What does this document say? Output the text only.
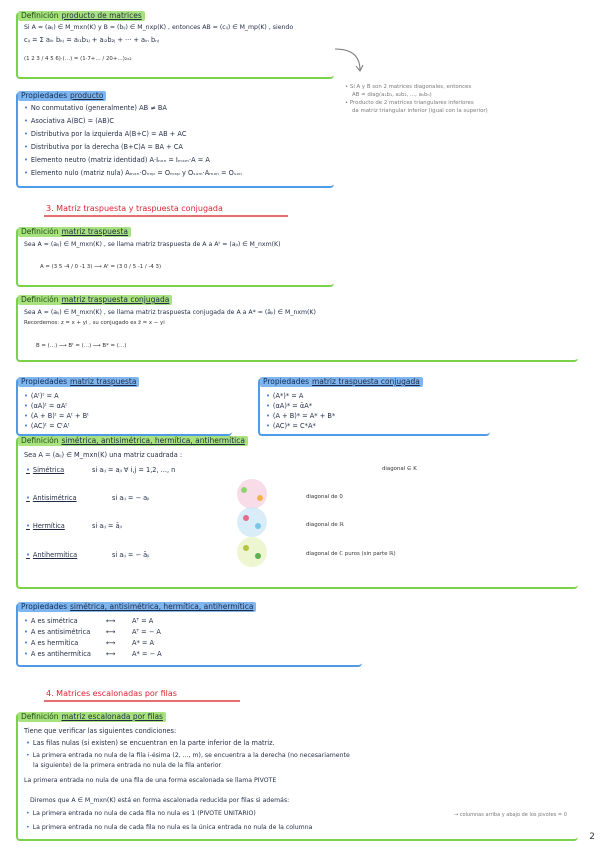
Definición producto de matrices
Si A = (aᵢⱼ) ∈ M_mxn(K) y B = (bᵢⱼ) ∈ M_nxp(K) , entonces AB = (cᵢⱼ) ∈ M_mp(K) , siendo
cᵢⱼ = Σ aᵢₖ bₖⱼ = aᵢ₁b₁ⱼ + aᵢ₂b₂ⱼ + ··· + aᵢₙ bₙⱼ
(1 2 3 / 4 5 6)·(…) = (1·7+… / 20+…)₂ₓ₂
• Si A y B son 2 matrices diagonales, entonces
AB = diag(a₁b₁, a₂b₂, ..., aₙbₙ)
• Producto de 2 matrices triangulares inferiores
da matriz triangular inferior (igual con la superior)
Propiedades producto
• No conmutativo (generalmente) AB ≠ BA
• Asociativa A(BC) = (AB)C
• Distributiva por la izquierda A(B+C) = AB + AC
• Distributiva por la derecha (B+C)A = BA + CA
• Elemento neutro (matriz identidad) A·Iₙₓₙ = Iₘₓₘ·A = A
• Elemento nulo (matriz nula) Aₘₓₙ·Oₙₓₚ = Oₘₓₚ y Oₛₓₘ·Aₘₓₙ = Oₛₓₙ
3. Matriz traspuesta y traspuesta conjugada
Definición matriz traspuesta
Sea A = (aᵢⱼ) ∈ M_mxn(K) , se llama matriz traspuesta de A a Aᵗ = (aⱼᵢ) ∈ M_nxm(K)
A = (3 5 -4 / 0 -1 3) ⟶ Aᵗ = (3 0 / 5 -1 / -4 3)
Definición matriz traspuesta conjugada
Sea A = (aᵢⱼ) ∈ M_mxn(K) , se llama matriz traspuesta conjugada de A a A* = (āⱼᵢ) ∈ M_nxm(K)
Recordemos: z = x + yi , su conjugado es z̄ = x − yi
B = (…) ⟶ Bᵗ = (…) ⟶ B* = (…)
Propiedades matriz traspuesta
• (Aᵗ)ᵗ = A
• (αA)ᵗ = αAᵗ
• (A + B)ᵗ = Aᵗ + Bᵗ
• (AC)ᵗ = CᵗAᵗ
Propiedades matriz traspuesta conjugada
• (A*)* = A
• (αA)* = ᾱA*
• (A + B)* = A* + B*
• (AC)* = C*A*
Definición simétrica, antisimétrica, hermítica, antihermítica
Sea A = (aᵢⱼ) ∈ M_mxn(K) una matriz cuadrada :
• Simétrica	si aᵢⱼ = aⱼᵢ ∀ i,j = 1,2, ..., n	diagonal ∈ K
• Antisimétrica	si aᵢⱼ = − aⱼᵢ	diagonal de 0
• Hermítica	si aᵢⱼ = āⱼᵢ	diagonal de ℝ
• Antihermítica	si aᵢⱼ = − āⱼᵢ	diagonal de ℂ puros (sin parte ℝ)
Propiedades simétrica, antisimétrica, hermítica, antihermítica
• A es simétrica	⟷	Aᵀ = A
• A es antisimétrica ⟷	Aᵀ = − A
• A es hermítica	⟷	A* = A
• A es antihermítica ⟷	A* = − A
4. Matrices escalonadas por filas
Definición matriz escalonada por filas
Tiene que verificar las siguientes condiciones:
• Las filas nulas (si existen) se encuentran en la parte inferior de la matriz.
• La primera entrada no nula de la fila i-ésima (2, ..., m), se encuentra a la derecha (no necesariamente
la siguiente) de la primera entrada no nula de la fila anterior
La primera entrada no nula de una fila de una forma escalonada se llama PIVOTE
Diremos que A ∈ M_mxn(K) está en forma escalonada reducida por filas si además:
• La primera entrada no nula de cada fila no nula es 1 (PIVOTE UNITARIO)
• La primera entrada no nula de cada fila no nula es la única entrada no nula de la columna
→ columnas arriba y abajo de los pivotes = 0
2
